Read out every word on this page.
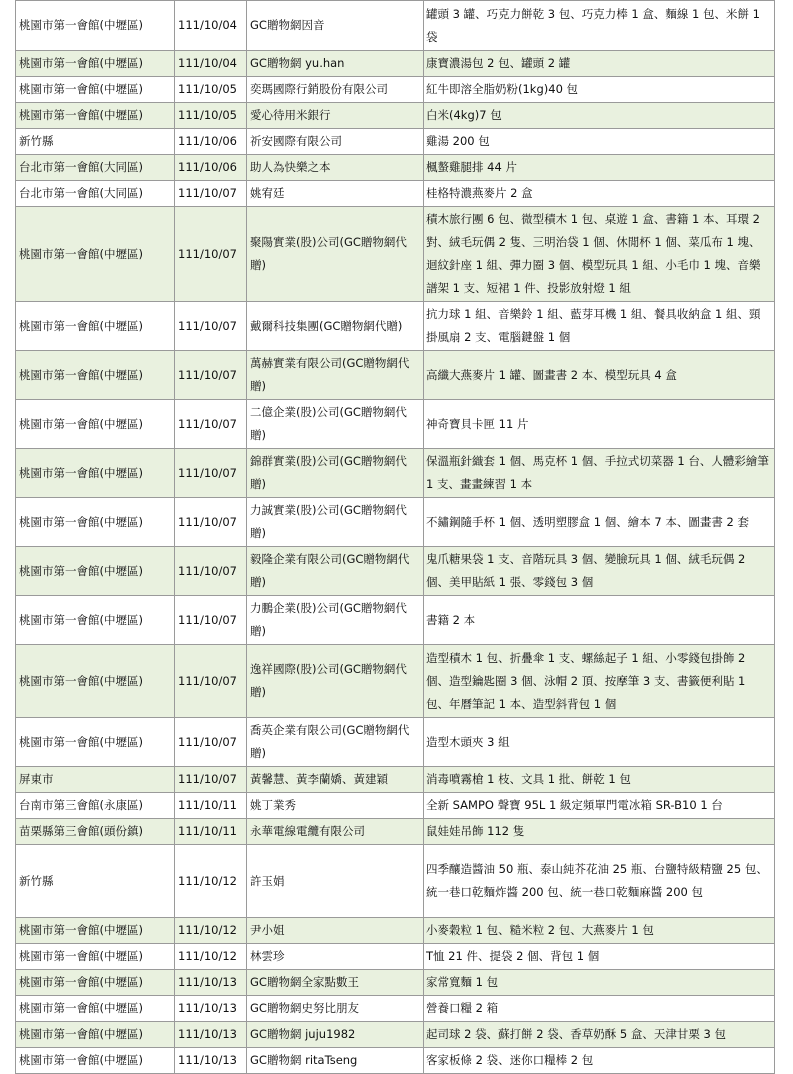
桃園市第一會館(中壢區)	111/10/04	GC贈物網因音	罐頭 3 罐、巧克力餅乾 3 包、巧克力棒 1 盒、麵線 1 包、米餅 1 袋
桃園市第一會館(中壢區)	111/10/04	GC贈物網 yu.han	康寶濃湯包 2 包、罐頭 2 罐
桃園市第一會館(中壢區)	111/10/05	奕瑪國際行銷股份有限公司	紅牛即溶全脂奶粉(1kg)40 包
桃園市第一會館(中壢區)	111/10/05	愛心待用米銀行	白米(4kg)7 包
新竹縣	111/10/06	祈安國際有限公司	雞湯 200 包
台北市第一會館(大同區)	111/10/06	助人為快樂之本	楓螯雞腿排 44 片
台北市第一會館(大同區)	111/10/07	姚宥廷	桂格特濃燕麥片 2 盒
桃園市第一會館(中壢區)	111/10/07	聚陽實業(股)公司(GC贈物網代贈)	積木旅行團 6 包、微型積木 1 包、桌遊 1 盒、書籍 1 本、耳環 2 對、絨毛玩偶 2 隻、三明治袋 1 個、休閒杯 1 個、菜瓜布 1 塊、迴紋針座 1 組、彈力圈 3 個、模型玩具 1 組、小毛巾 1 塊、音樂譜架 1 支、短裙 1 件、投影放射燈 1 組
桃園市第一會館(中壢區)	111/10/07	戴爾科技集團(GC贈物網代贈)	抗力球 1 組、音樂鈴 1 組、藍芽耳機 1 組、餐具收納盒 1 組、頸掛風扇 2 支、電腦鍵盤 1 個
桃園市第一會館(中壢區)	111/10/07	萬赫實業有限公司(GC贈物網代贈)	高纖大燕麥片 1 罐、圖畫書 2 本、模型玩具 4 盒
桃園市第一會館(中壢區)	111/10/07	二億企業(股)公司(GC贈物網代贈)	神奇寶貝卡匣 11 片
桃園市第一會館(中壢區)	111/10/07	錦群實業(股)公司(GC贈物網代贈)	保溫瓶針織套 1 個、馬克杯 1 個、手拉式切菜器 1 台、人體彩繪筆 1 支、畫畫練習 1 本
桃園市第一會館(中壢區)	111/10/07	力誠實業(股)公司(GC贈物網代贈)	不鏽鋼隨手杯 1 個、透明塑膠盒 1 個、繪本 7 本、圖畫書 2 套
桃園市第一會館(中壢區)	111/10/07	毅隆企業有限公司(GC贈物網代贈)	鬼爪糖果袋 1 支、音階玩具 3 個、變臉玩具 1 個、絨毛玩偶 2 個、美甲貼紙 1 張、零錢包 3 個
桃園市第一會館(中壢區)	111/10/07	力鵬企業(股)公司(GC贈物網代贈)	書籍 2 本
桃園市第一會館(中壢區)	111/10/07	逸祥國際(股)公司(GC贈物網代贈)	造型積木 1 包、折疊傘 1 支、螺絲起子 1 組、小零錢包掛飾 2 個、造型鑰匙圈 3 個、泳帽 2 頂、按摩筆 3 支、書籤便利貼 1 包、年曆筆記 1 本、造型斜背包 1 個
桃園市第一會館(中壢區)	111/10/07	喬英企業有限公司(GC贈物網代贈)	造型木頭夾 3 組
屏東市	111/10/07	黃馨慧、黃李蘭嬌、黃建穎	消毒噴霧槍 1 枝、文具 1 批、餅乾 1 包
台南市第三會館(永康區)	111/10/11	姚丁業秀	全新 SAMPO 聲寶 95L 1 級定頻單門電冰箱 SR-B10 1 台
苗栗縣第三會館(頭份鎮)	111/10/11	永華電線電纜有限公司	鼠娃娃吊飾 112 隻
新竹縣	111/10/12	許玉娟	四季釀造醬油 50 瓶、泰山純芥花油 25 瓶、台鹽特級精鹽 25 包、統一巷口乾麵炸醬 200 包、統一巷口乾麵麻醬 200 包
桃園市第一會館(中壢區)	111/10/12	尹小姐	小麥穀粒 1 包、糙米粒 2 包、大燕麥片 1 包
桃園市第一會館(中壢區)	111/10/12	林雲珍	T恤 21 件、提袋 2 個、背包 1 個
桃園市第一會館(中壢區)	111/10/13	GC贈物網全家點數王	家常寬麵 1 包
桃園市第一會館(中壢區)	111/10/13	GC贈物網史努比朋友	營養口糧 2 箱
桃園市第一會館(中壢區)	111/10/13	GC贈物網 juju1982	起司球 2 袋、蘇打餅 2 袋、香草奶酥 5 盒、天津甘栗 3 包
桃園市第一會館(中壢區)	111/10/13	GC贈物網 ritaTseng	客家板條 2 袋、迷你口糧棒 2 包
